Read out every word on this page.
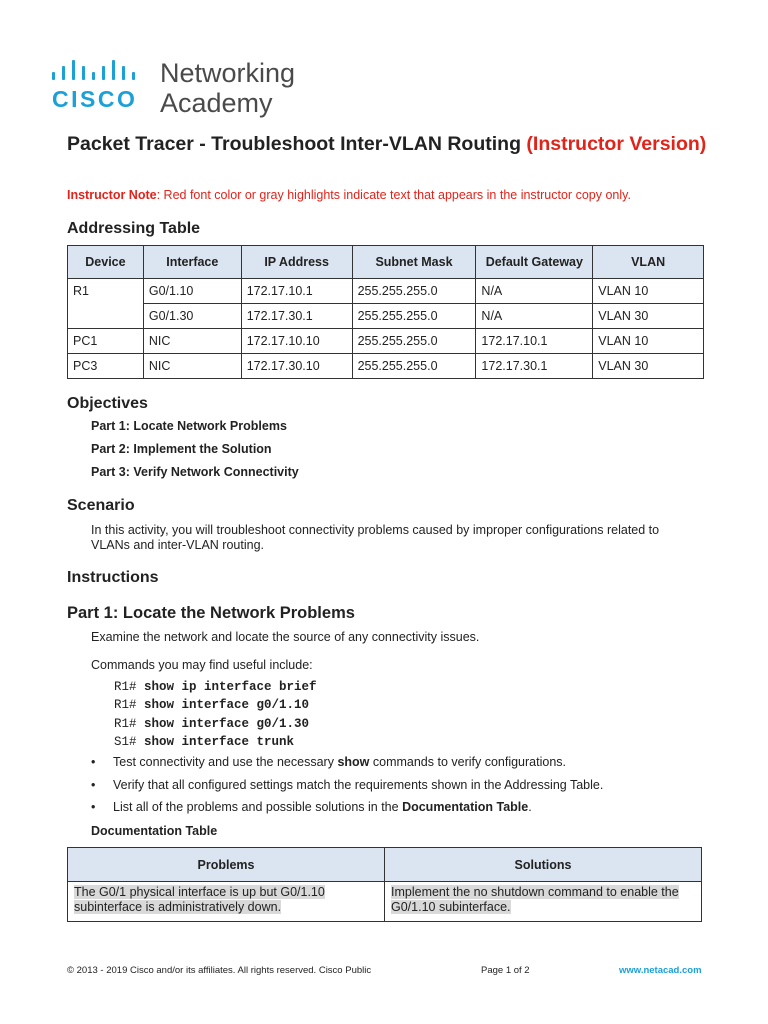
CISCO
Networking
Academy
Packet Tracer - Troubleshoot Inter-VLAN Routing (Instructor Version)
Instructor Note: Red font color or gray highlights indicate text that appears in the instructor copy only.
Addressing Table
Device	Interface	IP Address	Subnet Mask	Default Gateway	VLAN
R1	G0/1.10	172.17.10.1	255.255.255.0	N/A	VLAN 10
	G0/1.30	172.17.30.1	255.255.255.0	N/A	VLAN 30
PC1	NIC	172.17.10.10	255.255.255.0	172.17.10.1	VLAN 10
PC3	NIC	172.17.30.10	255.255.255.0	172.17.30.1	VLAN 30
Objectives
Part 1: Locate Network Problems
Part 2: Implement the Solution
Part 3: Verify Network Connectivity
Scenario
In this activity, you will troubleshoot connectivity problems caused by improper configurations related to VLANs and inter-VLAN routing.
Instructions
Part 1: Locate the Network Problems
Examine the network and locate the source of any connectivity issues.
Commands you may find useful include:
R1# show ip interface brief
R1# show interface g0/1.10
R1# show interface g0/1.30
S1# show interface trunk
• Test connectivity and use the necessary show commands to verify configurations.
• Verify that all configured settings match the requirements shown in the Addressing Table.
• List all of the problems and possible solutions in the Documentation Table.
Documentation Table
Problems	Solutions
The G0/1 physical interface is up but G0/1.10 subinterface is administratively down.	Implement the no shutdown command to enable the G0/1.10 subinterface.
© 2013 - 2019 Cisco and/or its affiliates. All rights reserved. Cisco Public	Page 1 of 2	www.netacad.com
